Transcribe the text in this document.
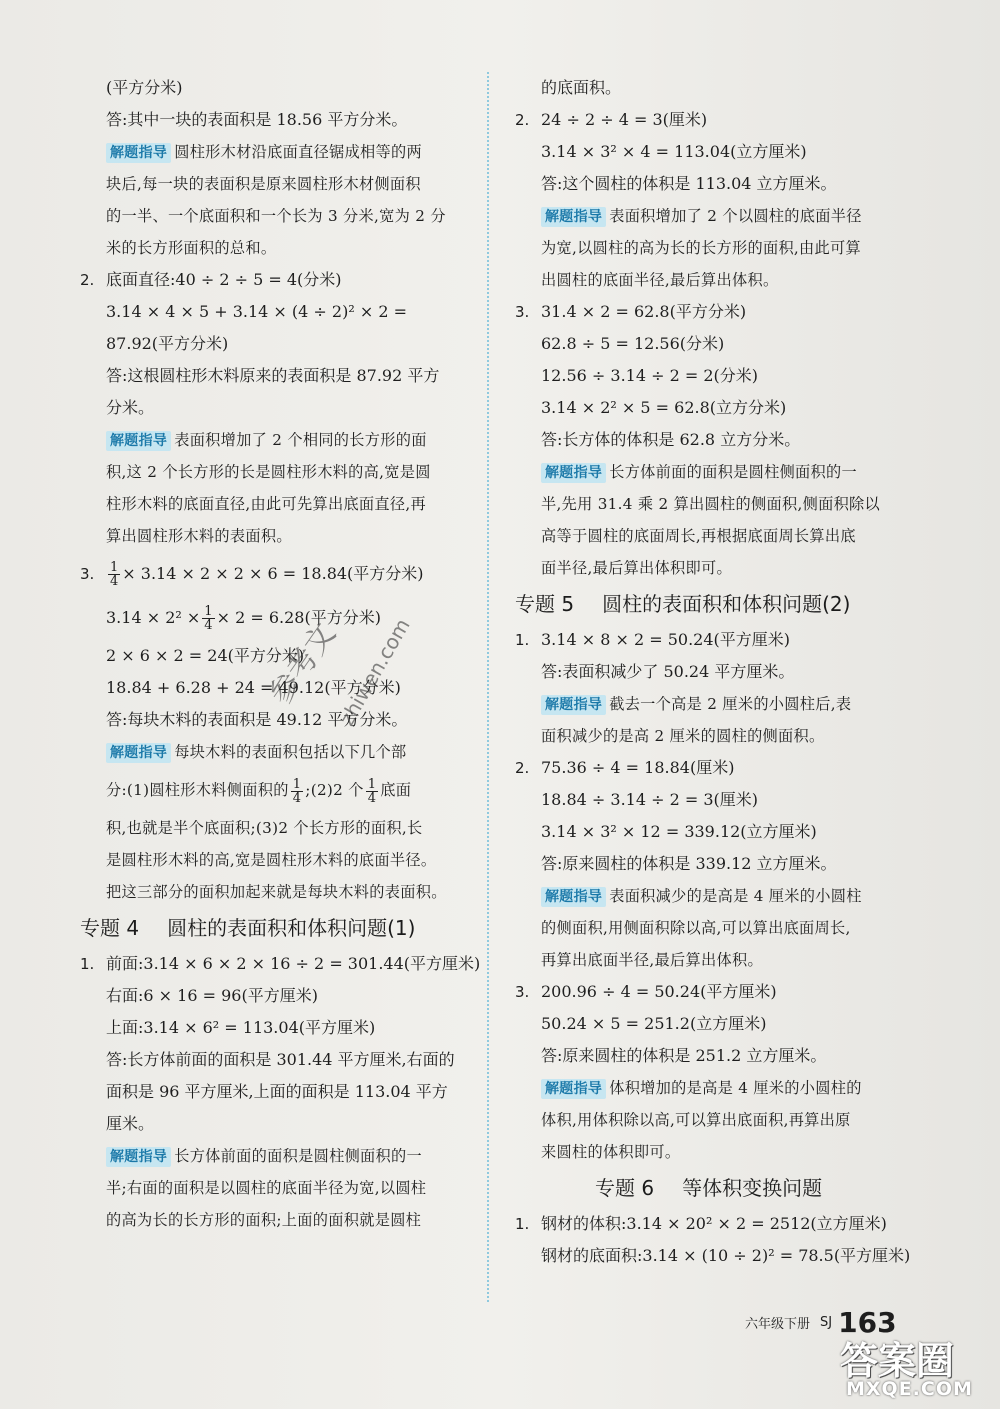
(平方分米)
答:其中一块的表面积是 18.56 平方分米。
解题指导 圆柱形木材沿底面直径锯成相等的两
块后,每一块的表面积是原来圆柱形木材侧面积
的一半、一个底面积和一个长为 3 分米,宽为 2 分
米的长方形面积的总和。
2. 底面直径:40 ÷ 2 ÷ 5 = 4(分米)
3.14 × 4 × 5 + 3.14 × (4 ÷ 2)² × 2 =
87.92(平方分米)
答:这根圆柱形木料原来的表面积是 87.92 平方
分米。
解题指导 表面积增加了 2 个相同的长方形的面
积,这 2 个长方形的长是圆柱形木料的高,宽是圆
柱形木料的底面直径,由此可先算出底面直径,再
算出圆柱形木料的表面积。
3. $\frac{1}{4} \times 3.14 \times 2 \times 2 \times 6 = 18.84$(平方分米)
$3.14 \times 2^2 \times \frac{1}{4} \times 2 = 6.28$(平方分米)
2 × 6 × 2 = 24(平方分米)
18.84 + 6.28 + 24 = 49.12(平方分米)
答:每块木料的表面积是 49.12 平方分米。
解题指导 每块木料的表面积包括以下几个部
分:(1)圆柱形木料侧面积的 $\frac{1}{4}$ ;(2)2 个 $\frac{1}{4}$ 底面
积,也就是半个底面积;(3)2 个长方形的面积,长
是圆柱形木料的高,宽是圆柱形木料的底面半径。
把这三部分的面积加起来就是每块木料的表面积。
专题 4 圆柱的表面积和体积问题(1)
1. 前面:3.14 × 6 × 2 × 16 ÷ 2 = 301.44(平方厘米)
右面:6 × 16 = 96(平方厘米)
上面:3.14 × 6² = 113.04(平方厘米)
答:长方体前面的面积是 301.44 平方厘米,右面的
面积是 96 平方厘米,上面的面积是 113.04 平方
厘米。
解题指导 长方体前面的面积是圆柱侧面积的一
半;右面的面积是以圆柱的底面半径为宽,以圆柱
的高为长的长方形的面积;上面的面积就是圆柱
的底面积。
2. 24 ÷ 2 ÷ 4 = 3(厘米)
3.14 × 3² × 4 = 113.04(立方厘米)
答:这个圆柱的体积是 113.04 立方厘米。
解题指导 表面积增加了 2 个以圆柱的底面半径
为宽,以圆柱的高为长的长方形的面积,由此可算
出圆柱的底面半径,最后算出体积。
3. 31.4 × 2 = 62.8(平方分米)
62.8 ÷ 5 = 12.56(分米)
12.56 ÷ 3.14 ÷ 2 = 2(分米)
3.14 × 2² × 5 = 62.8(立方分米)
答:长方体的体积是 62.8 立方分米。
解题指导 长方体前面的面积是圆柱侧面积的一
半,先用 31.4 乘 2 算出圆柱的侧面积,侧面积除以
高等于圆柱的底面周长,再根据底面周长算出底
面半径,最后算出体积即可。
专题 5 圆柱的表面积和体积问题(2)
1. 3.14 × 8 × 2 = 50.24(平方厘米)
答:表面积减少了 50.24 平方厘米。
解题指导 截去一个高是 2 厘米的小圆柱后,表
面积减少的是高 2 厘米的圆柱的侧面积。
2. 75.36 ÷ 4 = 18.84(厘米)
18.84 ÷ 3.14 ÷ 2 = 3(厘米)
3.14 × 3² × 12 = 339.12(立方厘米)
答:原来圆柱的体积是 339.12 立方厘米。
解题指导 表面积减少的是高是 4 厘米的小圆柱
的侧面积,用侧面积除以高,可以算出底面周长,
再算出底面半径,最后算出体积。
3. 200.96 ÷ 4 = 50.24(平方厘米)
50.24 × 5 = 251.2(立方厘米)
答:原来圆柱的体积是 251.2 立方厘米。
解题指导 体积增加的是高是 4 厘米的小圆柱的
体积,用体积除以高,可以算出底面积,再算出原
来圆柱的体积即可。
专题 6 等体积变换问题
1. 钢材的体积:3.14 × 20² × 2 = 2512(立方厘米)
钢材的底面积:3.14 × (10 ÷ 2)² = 78.5(平方厘米)
参考文
zhiwen.com
六年级下册 SJ 163
答案圈
MXQE.COM
